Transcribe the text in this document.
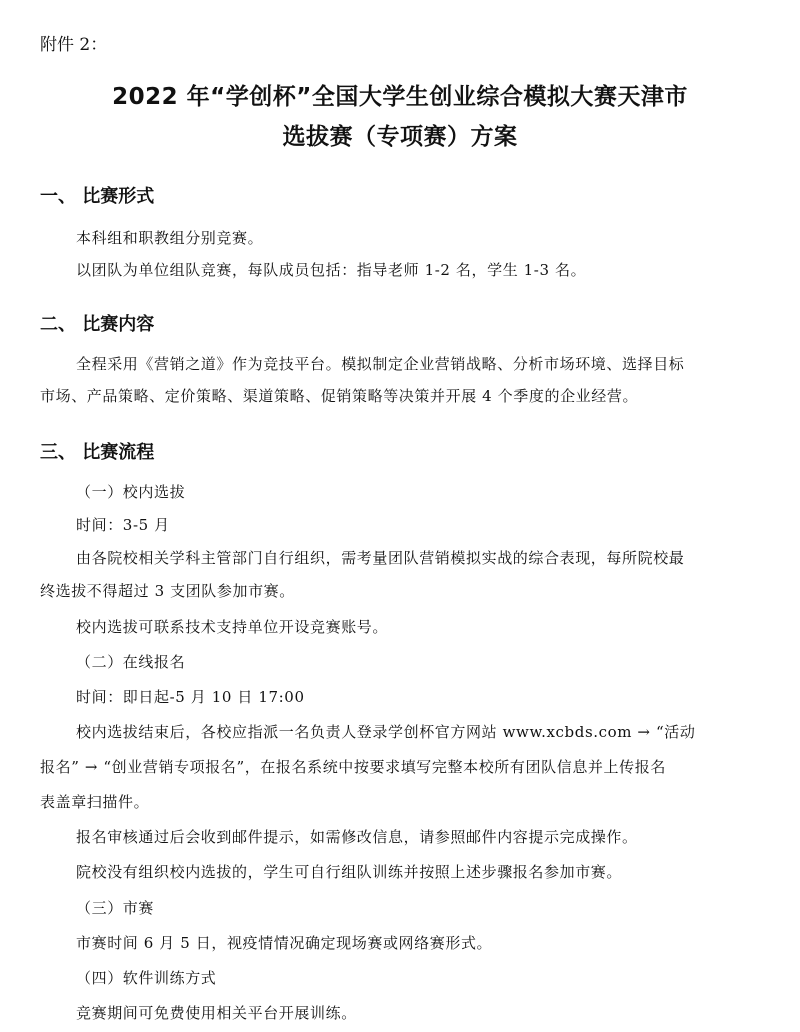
附件 2：
2022 年“学创杯”全国大学生创业综合模拟大赛天津市
选拔赛（专项赛）方案
一、 比赛形式
本科组和职教组分别竞赛。
以团队为单位组队竞赛，每队成员包括：指导老师 1-2 名，学生 1-3 名。
二、 比赛内容
全程采用《营销之道》作为竞技平台。模拟制定企业营销战略、分析市场环境、选择目标
市场、产品策略、定价策略、渠道策略、促销策略等决策并开展 4 个季度的企业经营。
三、 比赛流程
（一）校内选拔
时间：3-5 月
由各院校相关学科主管部门自行组织，需考量团队营销模拟实战的综合表现，每所院校最
终选拔不得超过 3 支团队参加市赛。
校内选拔可联系技术支持单位开设竞赛账号。
（二）在线报名
时间：即日起-5 月 10 日 17:00
校内选拔结束后，各校应指派一名负责人登录学创杯官方网站 www.xcbds.com → “活动
报名” → “创业营销专项报名”，在报名系统中按要求填写完整本校所有团队信息并上传报名
表盖章扫描件。
报名审核通过后会收到邮件提示，如需修改信息，请参照邮件内容提示完成操作。
院校没有组织校内选拔的，学生可自行组队训练并按照上述步骤报名参加市赛。
（三）市赛
市赛时间 6 月 5 日，视疫情情况确定现场赛或网络赛形式。
（四）软件训练方式
竞赛期间可免费使用相关平台开展训练。
